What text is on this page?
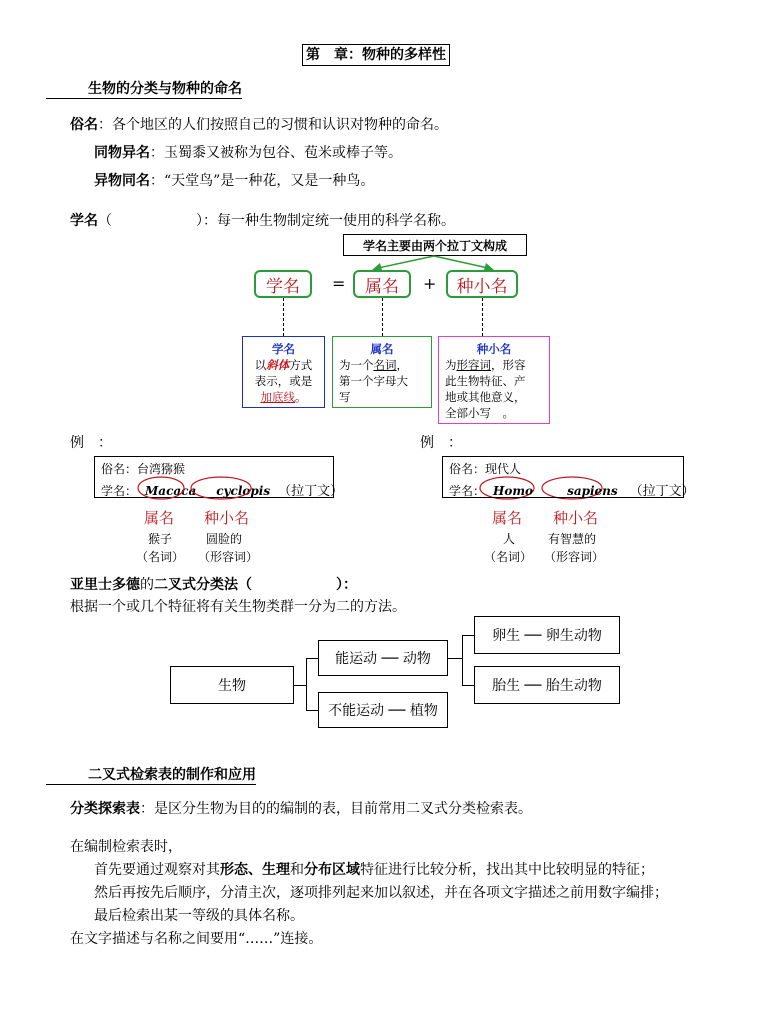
第　章：物种的多样性
生物的分类与物种的命名
俗名：各个地区的人们按照自己的习惯和认识对物种的命名。
同物异名：玉蜀黍又被称为包谷、苞米或棒子等。
异物同名：“天堂鸟”是一种花，又是一种鸟。
学名（　　　　　　）：每一种生物制定统一使用的科学名称。
学名主要由两个拉丁文构成
学名 = 属名 + 种小名
学名
以斜体方式
表示，或是
加底线。
属名
为一个名词，
第一个字母大
写
种小名
为形容词，形容
此生物特征、产
地或其他意义，
全部小写　。
例　：	例　：
俗名：台湾猕猴
学名： Macaca cyclopis （拉丁文）
属名 种小名
猴子	圆脸的
（名词） （形容词）
俗名：现代人
学名： Homo	sapiens （拉丁文）
属名 种小名
人	有智慧的
（名词） （形容词）
亚里士多德的二叉式分类法（　　　　　　）：
根据一个或几个特征将有关生物类群一分为二的方法。
生物
能运动 ── 动物
不能运动 ── 植物
卵生 ── 卵生动物
胎生 ── 胎生动物
二叉式检索表的制作和应用
分类探索表：是区分生物为目的的编制的表，目前常用二叉式分类检索表。
在编制检索表时，
首先要通过观察对其形态、生理和分布区域特征进行比较分析，找出其中比较明显的特征；
然后再按先后顺序，分清主次，逐项排列起来加以叙述，并在各项文字描述之前用数字编排；
最后检索出某一等级的具体名称。
在文字描述与名称之间要用“……”连接。
